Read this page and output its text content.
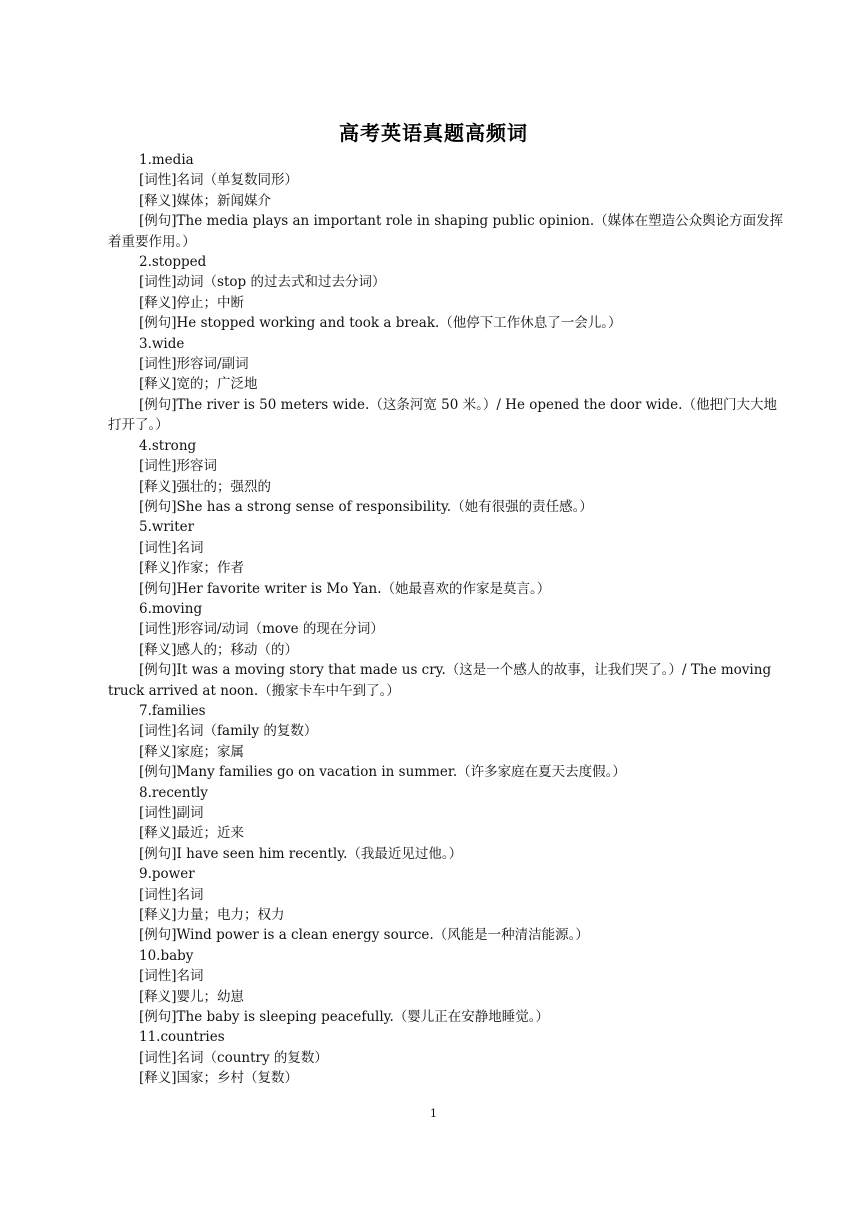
高考英语真题高频词
1.media
[词性]名词（单复数同形）
[释义]媒体；新闻媒介
[例句]The media plays an important role in shaping public opinion.（媒体在塑造公众舆论方面发挥着重要作用。）
2.stopped
[词性]动词（stop 的过去式和过去分词）
[释义]停止；中断
[例句]He stopped working and took a break.（他停下工作休息了一会儿。）
3.wide
[词性]形容词/副词
[释义]宽的；广泛地
[例句]The river is 50 meters wide.（这条河宽 50 米。）/ He opened the door wide.（他把门大大地打开了。）
4.strong
[词性]形容词
[释义]强壮的；强烈的
[例句]She has a strong sense of responsibility.（她有很强的责任感。）
5.writer
[词性]名词
[释义]作家；作者
[例句]Her favorite writer is Mo Yan.（她最喜欢的作家是莫言。）
6.moving
[词性]形容词/动词（move 的现在分词）
[释义]感人的；移动（的）
[例句]It was a moving story that made us cry.（这是一个感人的故事，让我们哭了。）/ The moving truck arrived at noon.（搬家卡车中午到了。）
7.families
[词性]名词（family 的复数）
[释义]家庭；家属
[例句]Many families go on vacation in summer.（许多家庭在夏天去度假。）
8.recently
[词性]副词
[释义]最近；近来
[例句]I have seen him recently.（我最近见过他。）
9.power
[词性]名词
[释义]力量；电力；权力
[例句]Wind power is a clean energy source.（风能是一种清洁能源。）
10.baby
[词性]名词
[释义]婴儿；幼崽
[例句]The baby is sleeping peacefully.（婴儿正在安静地睡觉。）
11.countries
[词性]名词（country 的复数）
[释义]国家；乡村（复数）
1
